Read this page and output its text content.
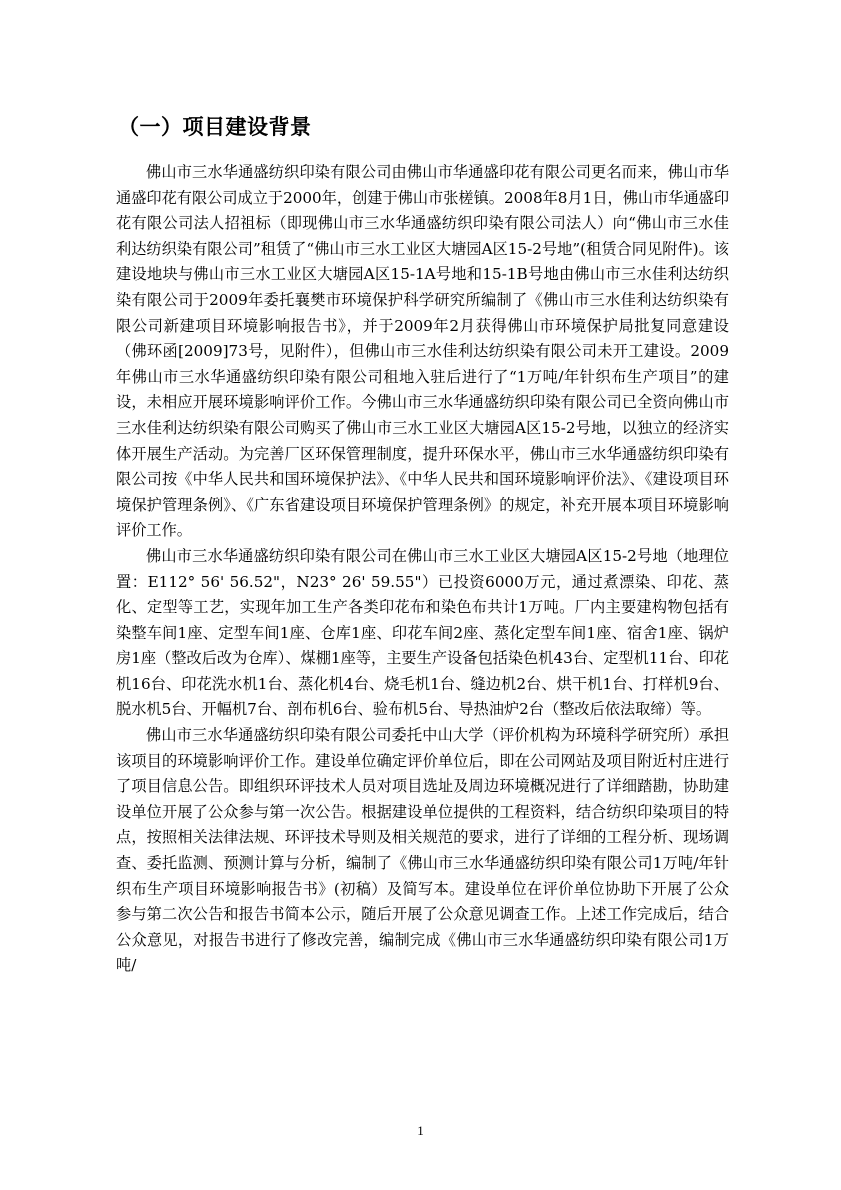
（一）项目建设背景

佛山市三水华通盛纺织印染有限公司由佛山市华通盛印花有限公司更名而来，佛山市华通盛印花有限公司成立于2000年，创建于佛山市张槎镇。2008年8月1日，佛山市华通盛印花有限公司法人招祖标（即现佛山市三水华通盛纺织印染有限公司法人）向“佛山市三水佳利达纺织染有限公司”租赁了“佛山市三水工业区大塘园A区15-2号地”(租赁合同见附件)。该建设地块与佛山市三水工业区大塘园A区15-1A号地和15-1B号地由佛山市三水佳利达纺织染有限公司于2009年委托襄樊市环境保护科学研究所编制了《佛山市三水佳利达纺织染有限公司新建项目环境影响报告书》，并于2009年2月获得佛山市环境保护局批复同意建设（佛环函[2009]73号，见附件），但佛山市三水佳利达纺织染有限公司未开工建设。2009年佛山市三水华通盛纺织印染有限公司租地入驻后进行了“1万吨/年针织布生产项目”的建设，未相应开展环境影响评价工作。今佛山市三水华通盛纺织印染有限公司已全资向佛山市三水佳利达纺织染有限公司购买了佛山市三水工业区大塘园A区15-2号地，以独立的经济实体开展生产活动。为完善厂区环保管理制度，提升环保水平，佛山市三水华通盛纺织印染有限公司按《中华人民共和国环境保护法》、《中华人民共和国环境影响评价法》、《建设项目环境保护管理条例》、《广东省建设项目环境保护管理条例》的规定，补充开展本项目环境影响评价工作。

佛山市三水华通盛纺织印染有限公司在佛山市三水工业区大塘园A区15-2号地（地理位置：E112° 56' 56.52"，N23° 26' 59.55"）已投资6000万元，通过煮漂染、印花、蒸化、定型等工艺，实现年加工生产各类印花布和染色布共计1万吨。厂内主要建构物包括有染整车间1座、定型车间1座、仓库1座、印花车间2座、蒸化定型车间1座、宿舍1座、锅炉房1座（整改后改为仓库）、煤棚1座等，主要生产设备包括染色机43台、定型机11台、印花机16台、印花洗水机1台、蒸化机4台、烧毛机1台、缝边机2台、烘干机1台、打样机9台、脱水机5台、开幅机7台、剖布机6台、验布机5台、导热油炉2台（整改后依法取缔）等。

佛山市三水华通盛纺织印染有限公司委托中山大学（评价机构为环境科学研究所）承担该项目的环境影响评价工作。建设单位确定评价单位后，即在公司网站及项目附近村庄进行了项目信息公告。即组织环评技术人员对项目选址及周边环境概况进行了详细踏勘，协助建设单位开展了公众参与第一次公告。根据建设单位提供的工程资料，结合纺织印染项目的特点，按照相关法律法规、环评技术导则及相关规范的要求，进行了详细的工程分析、现场调查、委托监测、预测计算与分析，编制了《佛山市三水华通盛纺织印染有限公司1万吨/年针织布生产项目环境影响报告书》(初稿）及简写本。建设单位在评价单位协助下开展了公众参与第二次公告和报告书简本公示，随后开展了公众意见调查工作。上述工作完成后，结合公众意见，对报告书进行了修改完善，编制完成《佛山市三水华通盛纺织印染有限公司1万吨/

1
